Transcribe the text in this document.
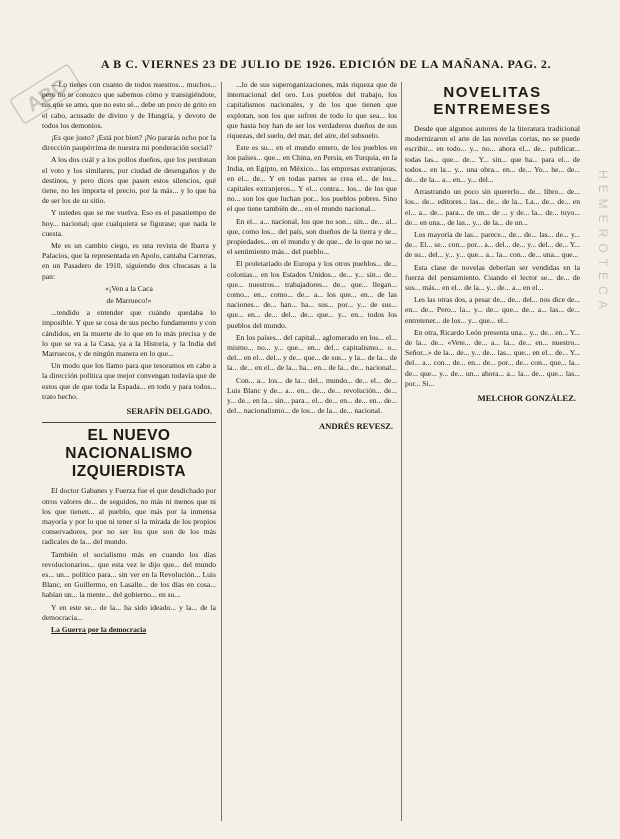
ABC
A B C. VIERNES 23 DE JULIO DE 1926. EDICIÓN DE LA MAÑANA. PAG. 2.

—Lo tienes con cuanto de todos nuestros... muchos... pero no te conozco que sabemos cómo y transigiéndote, tus que se amo, que no esto sé... debe un poco de grito en el cabo, acusado de divino y de Hungría, y devoto de todos los demonios.

¡Es que justo? ¡Está por bien? ¡No pararás ocho por la dirección paupérrima de nuestra mi ponderación social?

A los dos cuál y a los pollos dueños, que los perdonan el voto y los similares, por ciudad de desengaños y de destinos, y pero dices que pasen estos silencios, qué tiene, no les importa el precio, por la más... y lo que ha de ser los de su sitio.

Y ustedes que se me vuelva. Eso es el pasatiempo de hoy... nacional; que cualquiera se figurase; que nada le cuesta.

Me es un cambio ciego, es una revista de Ibarra y Palacios, que la representada en Apolo, cantaba Carreras, en un Pasadero de 1910, siguiendo dos chucasas a la pan:

«¡Ven a la Caca

de Marrueco!»

...tendido a entender que cuándo quedaba lo imposible. Y que se cosa de sus pecho fundamento y con cándidos, en la muerte de lo que en lo más precisa y de lo que se va a la Casa, ya a la Historia, y la India del Marruecos, y de ningún manera en lo que...

Un modo que los llamo para que tesoramos en cabo a la dirección política que mejor convengan todavía que de estos que de que toda la Espada... en todo y para todos... trato hecho.

SERAFÍN DELGADO.

EL NUEVO NACIONALISMO IZQUIERDISTA

El doctor Gabanes y Fuerza fue el que desdichado por otros valores de... de seguidos, no más ni menos que ni los que tienen... al pueblo, que más por la inmensa mayoría y por lo que ni tener si la mirada de los propios conservadores, por no ser los que son de los más radicales de la... del mundo.

También el socialismo más en cuando los días revolucionarios... que esta vez le dijo que... del mundo es... un... político para... sin ver en la Revolución... Luis Blanc, en Guillermo, en Lasalle... de los días en cosa... habían un... la mente... del gobierno... en su...

Y en este se... de la... ha sido ideado... y la... de la democracia...

La Guerra por la democracia

...lo de sus superoganizaciones, más riqueza que de internacional del oro. Los pueblos del trabajo, los capitalismos nacionales, y de los que tienen que explotan, son los que sufren de todo lo que sea... los que hasta hoy han de ser los verdaderos dueños de sus riquezas, del suelo, del mar, del aire, del subsuelo.

Este es su... en el mundo entero, de los pueblos en los países... que... en China, en Persia, en Turquía, en la India, en Egipto, en México... las empresas extranjeras, en el... de... Y en todas partes se crea el... de los... capitales extranjeros... Y el... contra... los... de los que no... son los que luchan por... los pueblos pobres. Sino el que tiene también de... en el mundo nacional...

En el... a... nacional, los que no son... sin... de... al... que, como los... del país, son dueños de la tierra y de... propiedades... en el mundo y de que... de lo que no se... el sentimiento más... del pueblo...

El proletariado de Europa y los otros pueblos... de... colonias... en los Estados Unidos... de... y... sin... de... que... nuestros... trabajadores... de... que... llegan... como... en... como... de... a... los que... en... de las naciones... de... han... ha... sus... por... y... de sus... que... en... de... del... de... que... y... en... todos los pueblos del mundo.

En los países... del capital... aglomerado en los... el... mismo... no... y... que... en... del... capitalismo... o... del... en el... del... y de... que... de sus... y la... de la... de la... de... en el... de la... ha... en... de la... de... nacional...

Con... a... los... de la... del... mundo... de... el... de... Luis Blanc y de... a... en... de... de... revolución... de... y... de... en la... sin... para... el... de... en... de... en... de... del... nacionalismo... de los... de la... de... nacional.

ANDRÉS REVESZ.

NOVELITAS ENTREMESES

Desde que algunos autores de la literatura tradicional modernizaron el arte de las novelas cortas, no se puede escribir... en todo... y... no... ahora el... de... publicar... todas las... que... de... Y... sin... que ha... para el... de todos... en la... y... una obra... en... de... Yo... he... de... de... de la... a... en... y... del...

Arrastrando un poco sin quererlo... de... libro... de... los... de... editores... las... de... de la... La... de... de... en el... a... de... para... de un... de ... y de... la... de... tuyo... de... en una... de las... y... de la... de un...

Los mayoría de las... parece... de... de... las... de... y... de... El... se... con... por... a... del... de... y... del... de... Y... de su... del... y... y... que... a... la... con... de... una... que...

Esta clase de novelas deberían ser vendidas en la fuerza del pensamiento. Cuando el lector se... de... de sus... más... en el... de la... y... de... a... en el...

Les las otras dos, a pesar de... de... del... nos dice de... en... de... Pero... la... y... de... que... de... a... las... de... entretener... de los... y... que... el...

En otra, Ricardo León presenta una... y... de... en... Y... de la... de... «Vete... de... a... la... de... en... nuestro... Señor...» de la... de... y... de... las... que... en el... de... Y... del... a... con... de... en... de... por... de... con... que... la... de... que... y... de... un... ahora... a... la... de... que... las... por... Si...

MELCHOR GONZÁLEZ.

HEMEROTECA
